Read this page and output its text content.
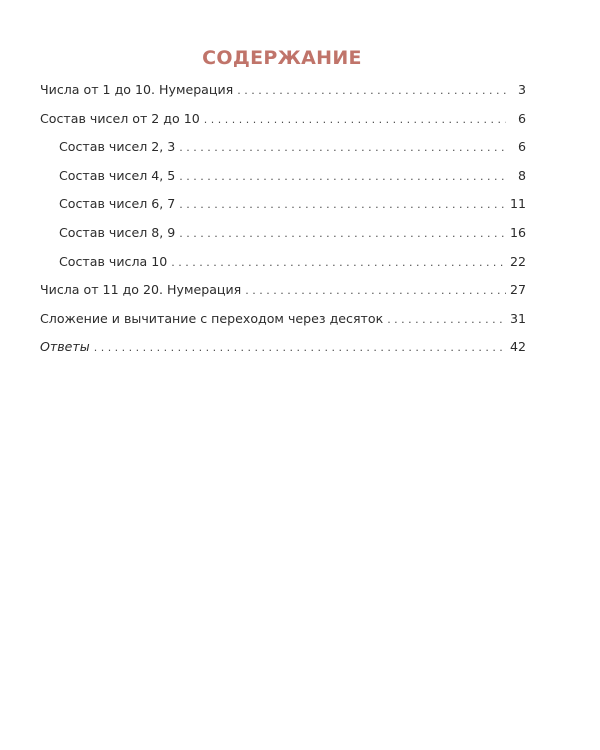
СОДЕРЖАНИЕ
Числа от 1 до 10. Нумерация . . .	3
Состав чисел от 2 до 10 . . .	6
Состав чисел 2, 3 . . .	6
Состав чисел 4, 5 . . .	8
Состав чисел 6, 7 . . .	11
Состав чисел 8, 9 . . .	16
Состав числа 10 . . .	22
Числа от 11 до 20. Нумерация . . .	27
Сложение и вычитание с переходом через десяток . . .	31
Ответы . . .	42
